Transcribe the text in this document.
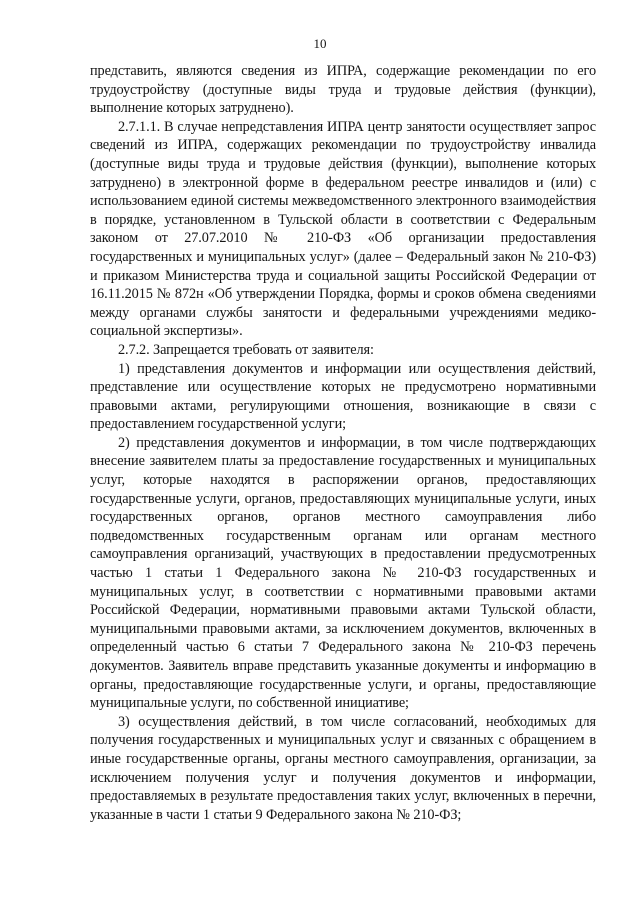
10

представить, являются сведения из ИПРА, содержащие рекомендации по его трудоустройству (доступные виды труда и трудовые действия (функции), выполнение которых затруднено).

2.7.1.1. В случае непредставления ИПРА центр занятости осуществляет запрос сведений из ИПРА, содержащих рекомендации по трудоустройству инвалида (доступные виды труда и трудовые действия (функции), выполнение которых затруднено) в электронной форме в федеральном реестре инвалидов и (или) с использованием единой системы межведомственного электронного взаимодействия в порядке, установленном в Тульской области в соответствии с Федеральным законом от 27.07.2010 № 210-ФЗ «Об организации предоставления государственных и муниципальных услуг» (далее – Федеральный закон № 210-ФЗ) и приказом Министерства труда и социальной защиты Российской Федерации от 16.11.2015 № 872н «Об утверждении Порядка, формы и сроков обмена сведениями между органами службы занятости и федеральными учреждениями медико-социальной экспертизы».

2.7.2. Запрещается требовать от заявителя:

1) представления документов и информации или осуществления действий, представление или осуществление которых не предусмотрено нормативными правовыми актами, регулирующими отношения, возникающие в связи с предоставлением государственной услуги;

2) представления документов и информации, в том числе подтверждающих внесение заявителем платы за предоставление государственных и муниципальных услуг, которые находятся в распоряжении органов, предоставляющих государственные услуги, органов, предоставляющих муниципальные услуги, иных государственных органов, органов местного самоуправления либо подведомственных государственным органам или органам местного самоуправления организаций, участвующих в предоставлении предусмотренных частью 1 статьи 1 Федерального закона № 210-ФЗ государственных и муниципальных услуг, в соответствии с нормативными правовыми актами Российской Федерации, нормативными правовыми актами Тульской области, муниципальными правовыми актами, за исключением документов, включенных в определенный частью 6 статьи 7 Федерального закона № 210-ФЗ перечень документов. Заявитель вправе представить указанные документы и информацию в органы, предоставляющие государственные услуги, и органы, предоставляющие муниципальные услуги, по собственной инициативе;

3) осуществления действий, в том числе согласований, необходимых для получения государственных и муниципальных услуг и связанных с обращением в иные государственные органы, органы местного самоуправления, организации, за исключением получения услуг и получения документов и информации, предоставляемых в результате предоставления таких услуг, включенных в перечни, указанные в части 1 статьи 9 Федерального закона № 210-ФЗ;
